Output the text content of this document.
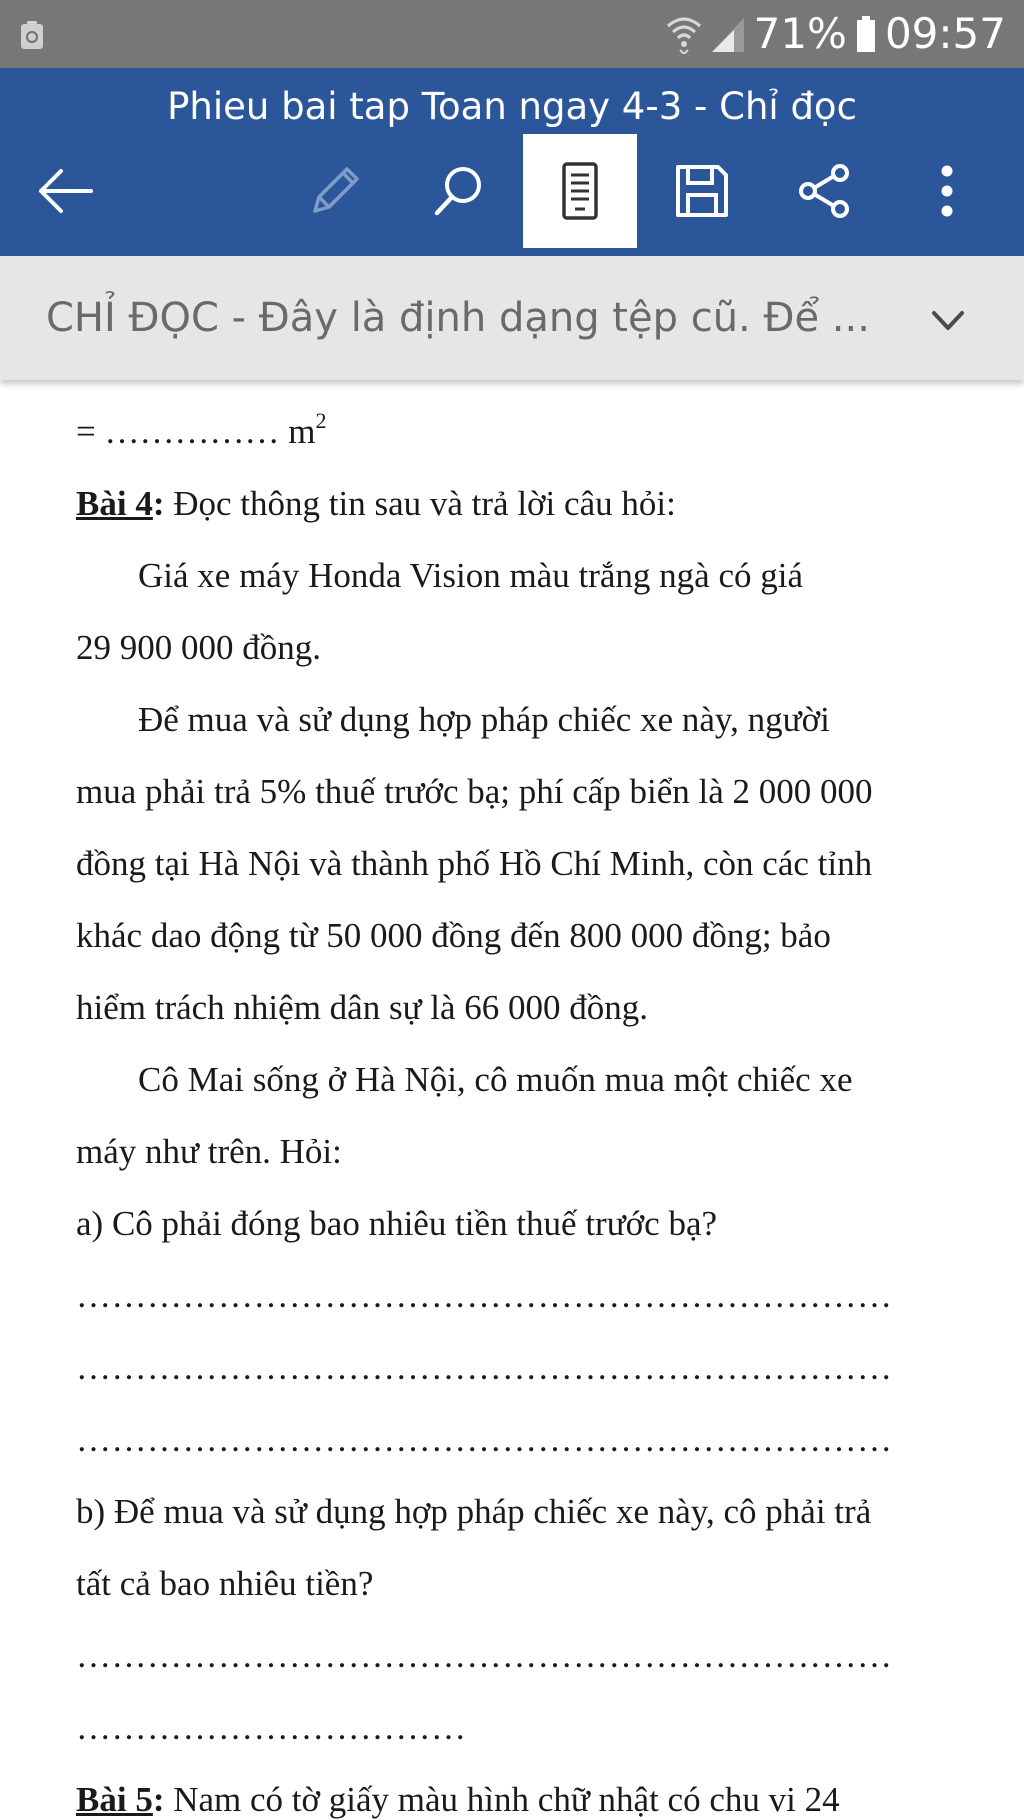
71% 09:57
Phieu bai tap Toan ngay 4-3 - Chỉ đọc
CHỈ ĐỌC - Đây là định dạng tệp cũ. Để ...

= …………… $m^2$

Bài 4: Đọc thông tin sau và trả lời câu hỏi:

Giá xe máy Honda Vision màu trắng ngà có giá

29 900 000 đồng.

Để mua và sử dụng hợp pháp chiếc xe này, người

mua phải trả 5% thuế trước bạ; phí cấp biển là 2 000 000

đồng tại Hà Nội và thành phố Hồ Chí Minh, còn các tỉnh

khác dao động từ 50 000 đồng đến 800 000 đồng; bảo

hiểm trách nhiệm dân sự là 66 000 đồng.

Cô Mai sống ở Hà Nội, cô muốn mua một chiếc xe

máy như trên. Hỏi:

a) Cô phải đóng bao nhiêu tiền thuế trước bạ?

……………………………………………………………

……………………………………………………………

……………………………………………………………

b) Để mua và sử dụng hợp pháp chiếc xe này, cô phải trả

tất cả bao nhiêu tiền?

……………………………………………………………

……………………………

Bài 5: Nam có tờ giấy màu hình chữ nhật có chu vi 24
